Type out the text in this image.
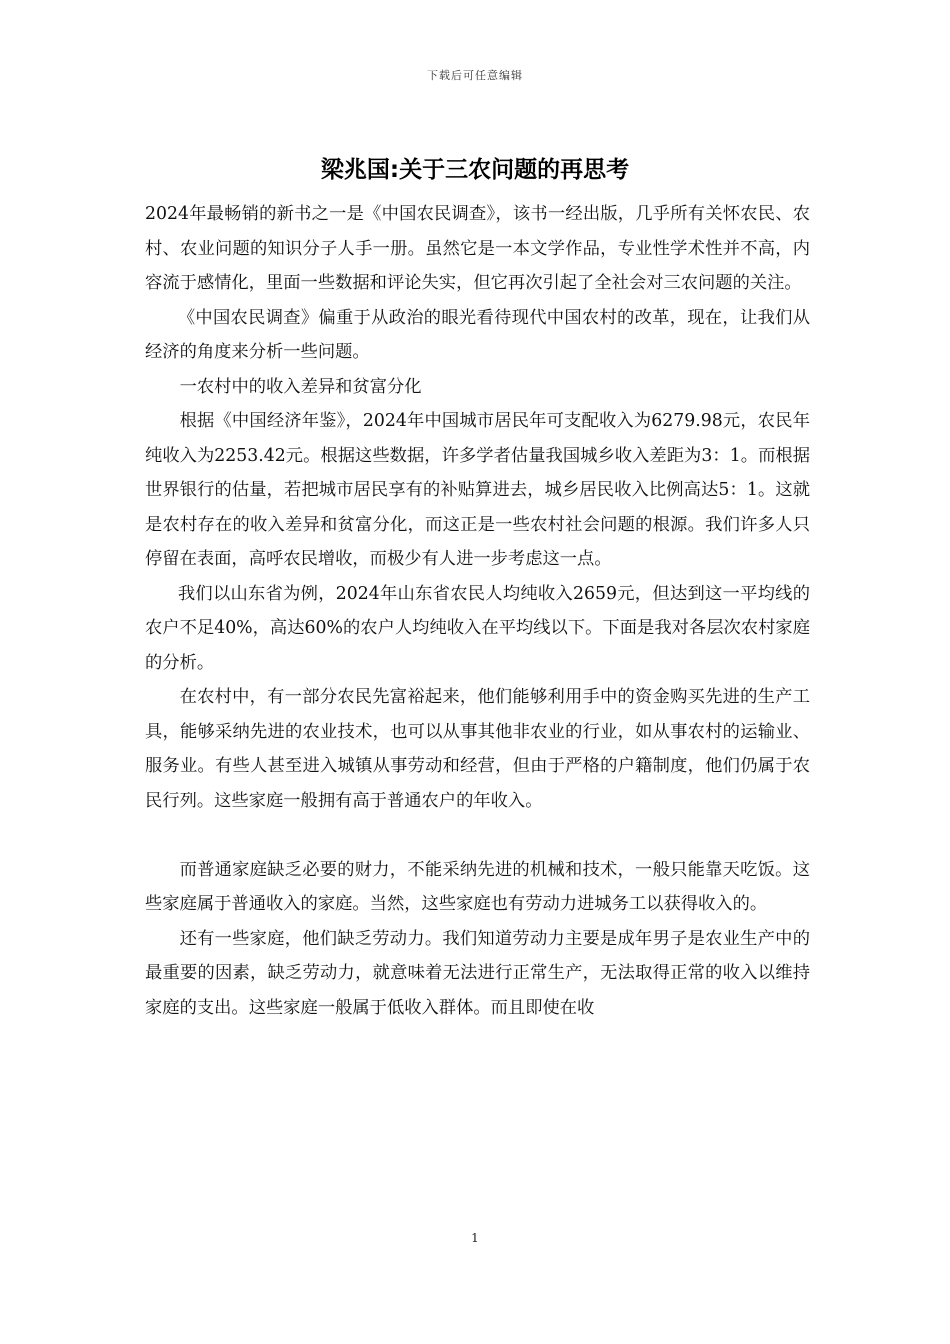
下载后可任意编辑
梁兆国:关于三农问题的再思考

2024年最畅销的新书之一是《中国农民调查》，该书一经出版，几乎所有关怀农民、农村、农业问题的知识分子人手一册。虽然它是一本文学作品，专业性学术性并不高，内容流于感情化，里面一些数据和评论失实，但它再次引起了全社会对三农问题的关注。

《中国农民调查》偏重于从政治的眼光看待现代中国农村的改革，现在，让我们从经济的角度来分析一些问题。

一农村中的收入差异和贫富分化

根据《中国经济年鉴》，2024年中国城市居民年可支配收入为6279.98元，农民年纯收入为2253.42元。根据这些数据，许多学者估量我国城乡收入差距为3：1。而根据世界银行的估量，若把城市居民享有的补贴算进去，城乡居民收入比例高达5：1。这就是农村存在的收入差异和贫富分化，而这正是一些农村社会问题的根源。我们许多人只停留在表面，高呼农民增收，而极少有人进一步考虑这一点。

我们以山东省为例，2024年山东省农民人均纯收入2659元，但达到这一平均线的农户不足40%，高达60%的农户人均纯收入在平均线以下。下面是我对各层次农村家庭的分析。

在农村中，有一部分农民先富裕起来，他们能够利用手中的资金购买先进的生产工具，能够采纳先进的农业技术，也可以从事其他非农业的行业，如从事农村的运输业、服务业。有些人甚至进入城镇从事劳动和经营，但由于严格的户籍制度，他们仍属于农民行列。这些家庭一般拥有高于普通农户的年收入。

而普通家庭缺乏必要的财力，不能采纳先进的机械和技术，一般只能靠天吃饭。这些家庭属于普通收入的家庭。当然，这些家庭也有劳动力进城务工以获得收入的。

还有一些家庭，他们缺乏劳动力。我们知道劳动力主要是成年男子是农业生产中的最重要的因素，缺乏劳动力，就意味着无法进行正常生产，无法取得正常的收入以维持家庭的支出。这些家庭一般属于低收入群体。而且即使在收

1
